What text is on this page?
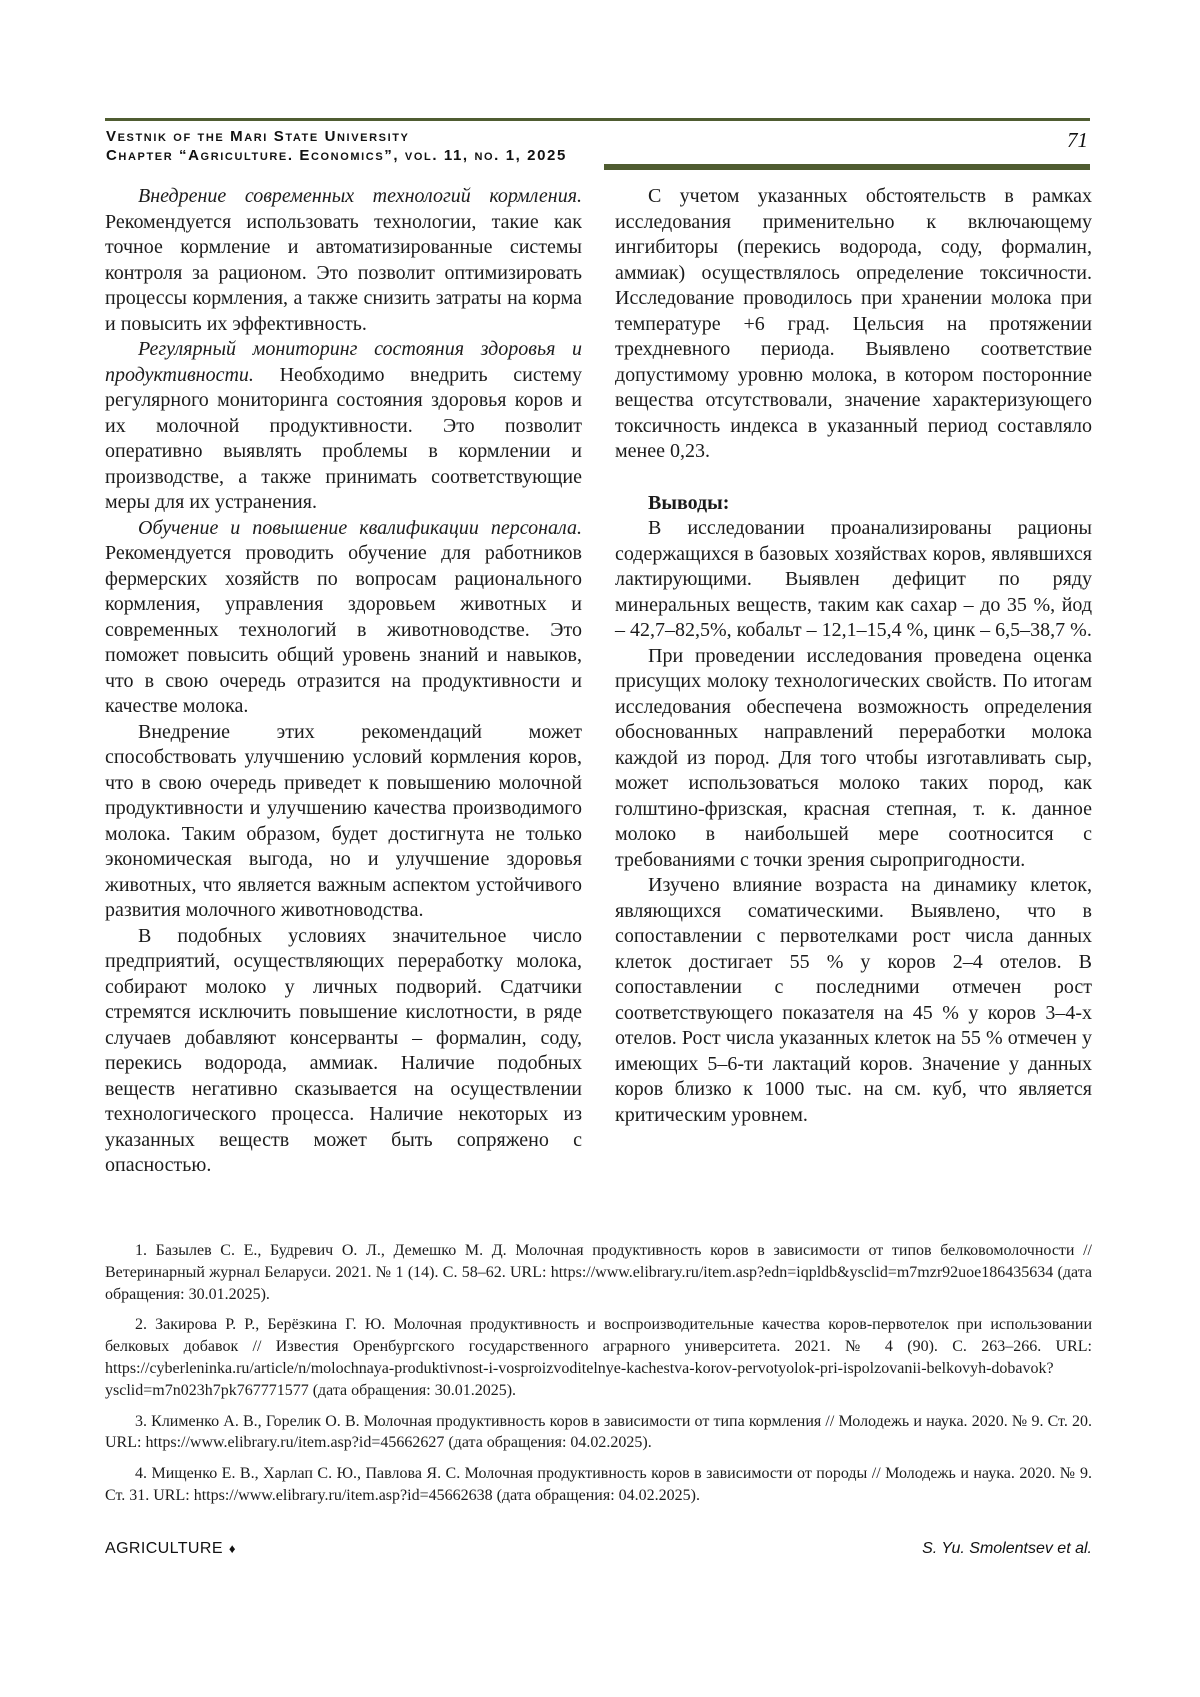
Vestnik of the Mari State University
Chapter “Agriculture. Economics”, vol. 11, no. 1, 2025
71

Внедрение современных технологий кормления. Рекомендуется использовать технологии, такие как точное кормление и автоматизированные системы контроля за рационом. Это позволит оптимизировать процессы кормления, а также снизить затраты на корма и повысить их эффективность.

Регулярный мониторинг состояния здоровья и продуктивности. Необходимо внедрить систему регулярного мониторинга состояния здоровья коров и их молочной продуктивности. Это позволит оперативно выявлять проблемы в кормлении и производстве, а также принимать соответствующие меры для их устранения.

Обучение и повышение квалификации персонала. Рекомендуется проводить обучение для работников фермерских хозяйств по вопросам рационального кормления, управления здоровьем животных и современных технологий в животноводстве. Это поможет повысить общий уровень знаний и навыков, что в свою очередь отразится на продуктивности и качестве молока.

Внедрение этих рекомендаций может способствовать улучшению условий кормления коров, что в свою очередь приведет к повышению молочной продуктивности и улучшению качества производимого молока. Таким образом, будет достигнута не только экономическая выгода, но и улучшение здоровья животных, что является важным аспектом устойчивого развития молочного животноводства.

В подобных условиях значительное число предприятий, осуществляющих переработку молока, собирают молоко у личных подворий. Сдатчики стремятся исключить повышение кислотности, в ряде случаев добавляют консерванты – формалин, соду, перекись водорода, аммиак. Наличие подобных веществ негативно сказывается на осуществлении технологического процесса. Наличие некоторых из указанных веществ может быть сопряжено с опасностью.

С учетом указанных обстоятельств в рамках исследования применительно к включающему ингибиторы (перекись водорода, соду, формалин, аммиак) осуществлялось определение токсичности. Исследование проводилось при хранении молока при температуре +6 град. Цельсия на протяжении трехдневного периода. Выявлено соответствие допустимому уровню молока, в котором посторонние вещества отсутствовали, значение характеризующего токсичность индекса в указанный период составляло менее 0,23.

Выводы:

В исследовании проанализированы рационы содержащихся в базовых хозяйствах коров, являвшихся лактирующими. Выявлен дефицит по ряду минеральных веществ, таким как сахар – до 35 %, йод – 42,7–82,5%, кобальт – 12,1–15,4 %, цинк – 6,5–38,7 %.

При проведении исследования проведена оценка присущих молоку технологических свойств. По итогам исследования обеспечена возможность определения обоснованных направлений переработки молока каждой из пород. Для того чтобы изготавливать сыр, может использоваться молоко таких пород, как голштино-фризская, красная степная, т. к. данное молоко в наибольшей мере соотносится с требованиями с точки зрения сыропригодности.

Изучено влияние возраста на динамику клеток, являющихся соматическими. Выявлено, что в сопоставлении с первотелками рост числа данных клеток достигает 55 % у коров 2–4 отелов. В сопоставлении с последними отмечен рост соответствующего показателя на 45 % у коров 3–4-х отелов. Рост числа указанных клеток на 55 % отмечен у имеющих 5–6-ти лактаций коров. Значение у данных коров близко к 1000 тыс. на см. куб, что является критическим уровнем.

1. Базылев С. Е., Будревич О. Л., Демешко М. Д. Молочная продуктивность коров в зависимости от типов белковомолочности // Ветеринарный журнал Беларуси. 2021. № 1 (14). С. 58–62. URL: https://www.elibrary.ru/item.asp?edn=iqpldb&ysclid=m7mzr92uoe186435634 (дата обращения: 30.01.2025).

2. Закирова Р. Р., Берёзкина Г. Ю. Молочная продуктивность и воспроизводительные качества коров-первотелок при использовании белковых добавок // Известия Оренбургского государственного аграрного университета. 2021. № 4 (90). С. 263–266. URL: https://cyberleninka.ru/article/n/molochnaya-produktivnost-i-vosproizvoditelnye-kachestva-korov-pervotyolok-pri-ispolzovanii-belkovyh-dobavok?ysclid=m7n023h7pk767771577 (дата обращения: 30.01.2025).

3. Клименко А. В., Горелик О. В. Молочная продуктивность коров в зависимости от типа кормления // Молодежь и наука. 2020. № 9. Ст. 20. URL: https://www.elibrary.ru/item.asp?id=45662627 (дата обращения: 04.02.2025).

4. Мищенко Е. В., Харлап С. Ю., Павлова Я. С. Молочная продуктивность коров в зависимости от породы // Молодежь и наука. 2020. № 9. Ст. 31. URL: https://www.elibrary.ru/item.asp?id=45662638 (дата обращения: 04.02.2025).

AGRICULTURE ♦	S. Yu. Smolentsev et al.
